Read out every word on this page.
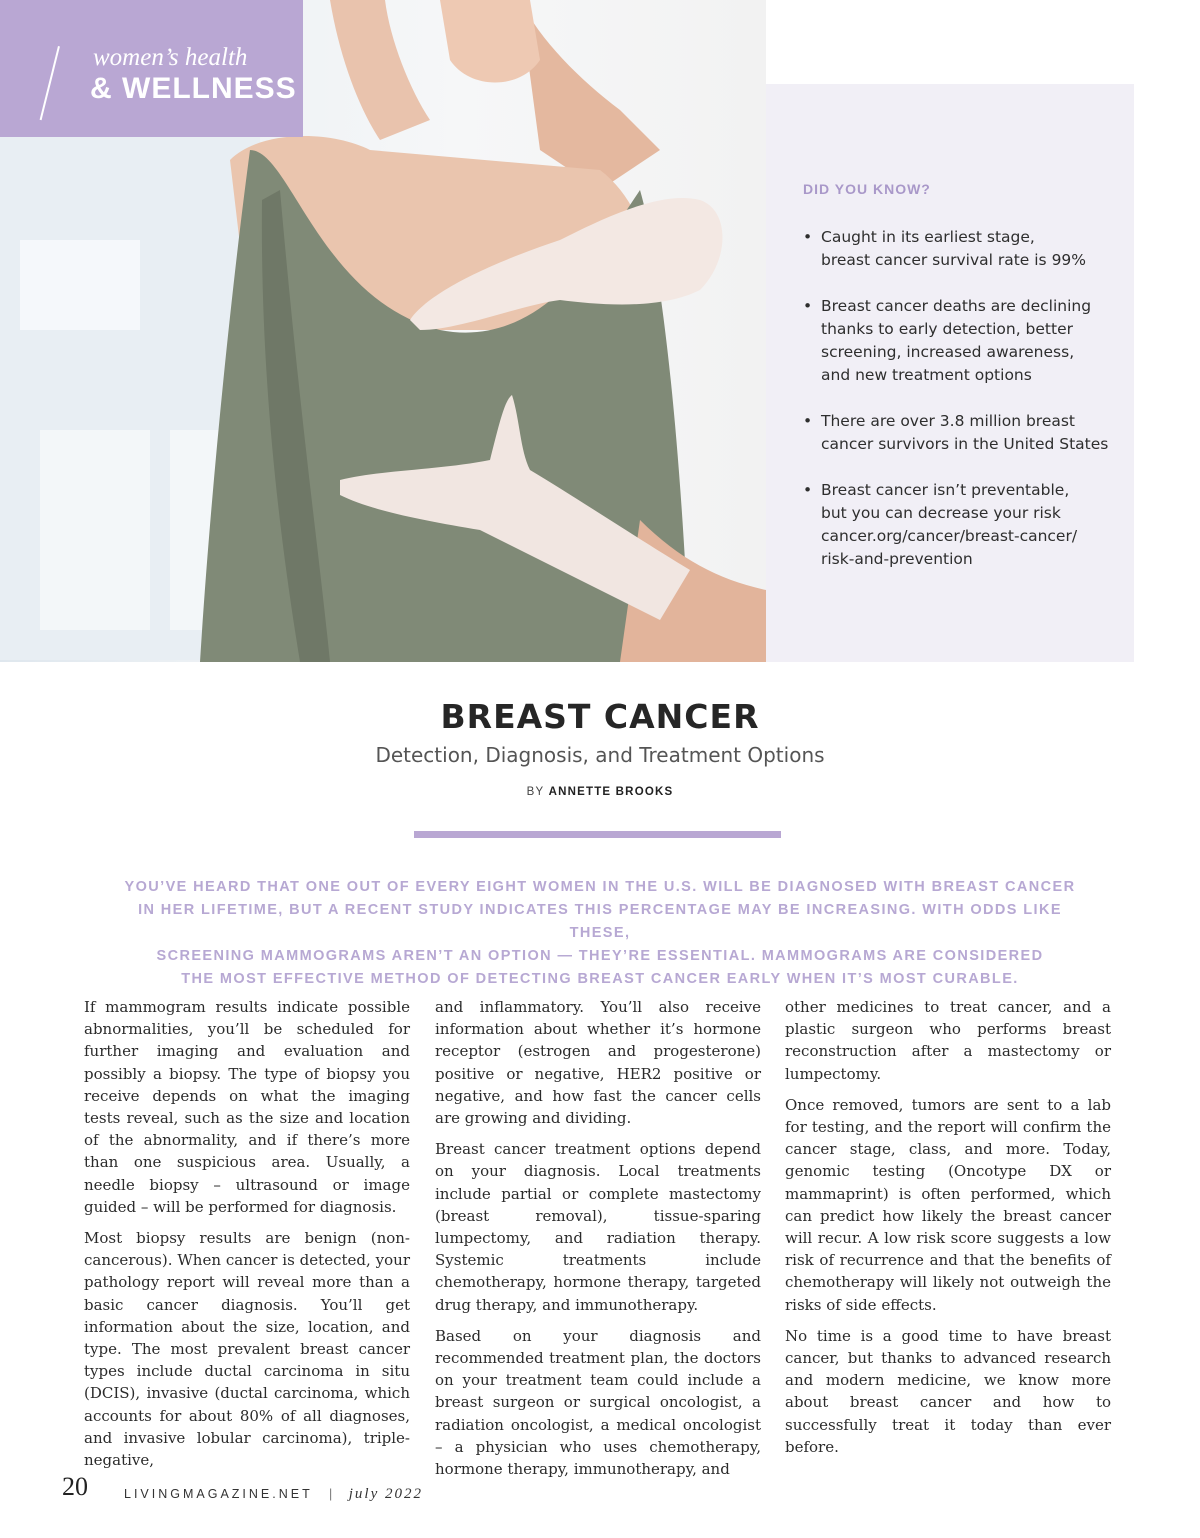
women’s health
& WELLNESS
DID YOU KNOW?
• Caught in its earliest stage,
breast cancer survival rate is 99%
• Breast cancer deaths are declining
thanks to early detection, better
screening, increased awareness,
and new treatment options
• There are over 3.8 million breast
cancer survivors in the United States
• Breast cancer isn’t preventable,
but you can decrease your risk
cancer.org/cancer/breast-cancer/
risk-and-prevention
BREAST CANCER
Detection, Diagnosis, and Treatment Options
BY ANNETTE BROOKS
YOU’VE HEARD THAT ONE OUT OF EVERY EIGHT WOMEN IN THE U.S. WILL BE DIAGNOSED WITH BREAST CANCER
IN HER LIFETIME, BUT A RECENT STUDY INDICATES THIS PERCENTAGE MAY BE INCREASING. WITH ODDS LIKE THESE,
SCREENING MAMMOGRAMS AREN’T AN OPTION — THEY’RE ESSENTIAL. MAMMOGRAMS ARE CONSIDERED
THE MOST EFFECTIVE METHOD OF DETECTING BREAST CANCER EARLY WHEN IT’S MOST CURABLE.

If mammogram results indicate possible abnormalities, you’ll be scheduled for further imaging and evaluation and possibly a biopsy. The type of biopsy you receive depends on what the imaging tests reveal, such as the size and location of the abnormality, and if there’s more than one suspicious area. Usually, a needle biopsy – ultrasound or image guided – will be performed for diagnosis.

Most biopsy results are benign (non-cancerous). When cancer is detected, your pathology report will reveal more than a basic cancer diagnosis. You’ll get information about the size, location, and type. The most prevalent breast cancer types include ductal carcinoma in situ (DCIS), invasive (ductal carcinoma, which accounts for about 80% of all diagnoses, and invasive lobular carcinoma), triple-negative,

and inflammatory. You’ll also receive information about whether it’s hormone receptor (estrogen and progesterone) positive or negative, HER2 positive or negative, and how fast the cancer cells are growing and dividing.

Breast cancer treatment options depend on your diagnosis. Local treatments include partial or complete mastectomy (breast removal), tissue-sparing lumpectomy, and radiation therapy. Systemic treatments include chemotherapy, hormone therapy, targeted drug therapy, and immunotherapy.

Based on your diagnosis and recommended treatment plan, the doctors on your treatment team could include a breast surgeon or surgical oncologist, a radiation oncologist, a medical oncologist – a physician who uses chemotherapy, hormone therapy, immunotherapy, and

other medicines to treat cancer, and a plastic surgeon who performs breast reconstruction after a mastectomy or lumpectomy.

Once removed, tumors are sent to a lab for testing, and the report will confirm the cancer stage, class, and more. Today, genomic testing (Oncotype DX or mammaprint) is often performed, which can predict how likely the breast cancer will recur. A low risk score suggests a low risk of recurrence and that the benefits of chemotherapy will likely not outweigh the risks of side effects.

No time is a good time to have breast cancer, but thanks to advanced research and modern medicine, we know more about breast cancer and how to successfully treat it today than ever before.

20	LIVINGMAGAZINE.NET | july 2022
